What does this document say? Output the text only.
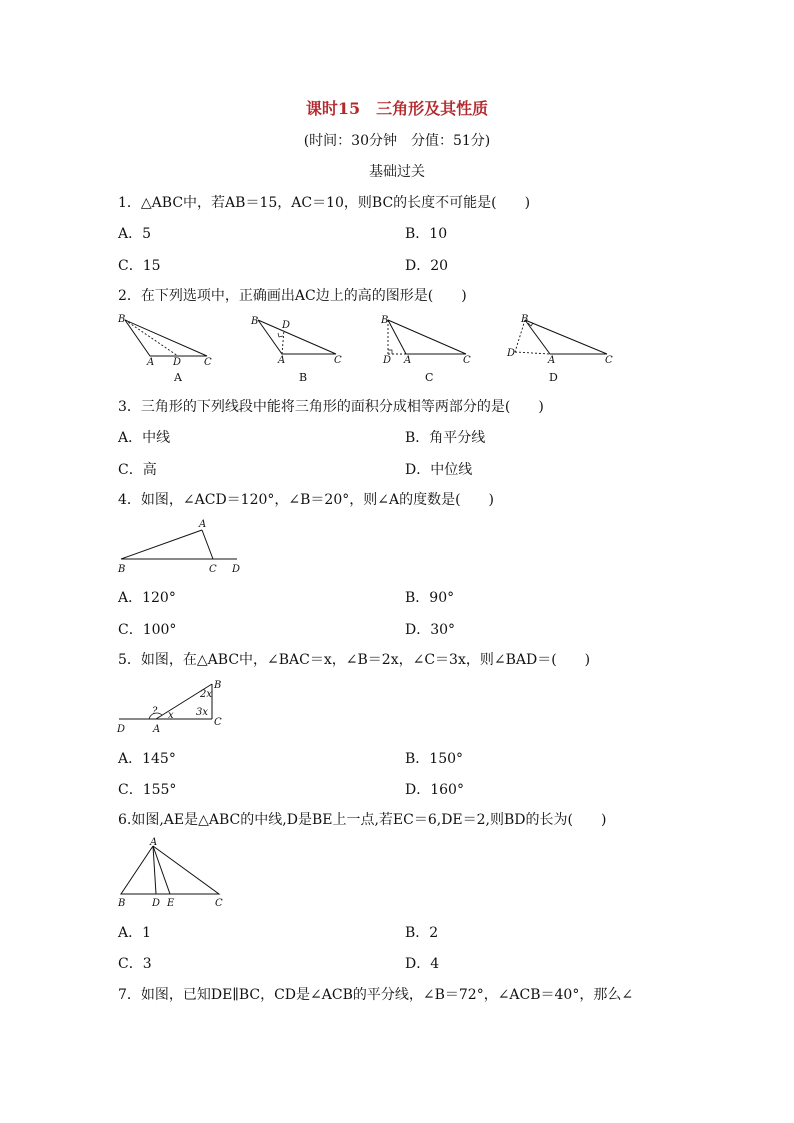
课时15　三角形及其性质
(时间：30分钟　分值：51分)
基础过关
1．△ABC中，若AB＝15，AC＝10，则BC的长度不可能是(　　)
A．5	B．10
C．15	D．20
2．在下列选项中，正确画出AC边上的高的图形是(　　)
B
A D C
A
B
A
D
C
B
B
A
D	C
C
B
A
D
C
D
3．三角形的下列线段中能将三角形的面积分成相等两部分的是(　　)
A．中线	B．角平分线
C．高	D．中位线
4．如图，∠ACD＝120°，∠B＝20°，则∠A的度数是(　　)
A
B	C D
A．120°	B．90°
C．100°	D．30°
5．如图，在△ABC中，∠BAC＝x，∠B＝2x，∠C＝3x，则∠BAD＝(　　)
B
2x
? x 3x
D	A
C
A．145°	B．150°
C．155°	D．160°
6.如图,AE是△ABC的中线,D是BE上一点,若EC＝6,DE＝2,则BD的长为(　　)
A
B	D E	C
A．1	B．2
C．3	D．4
7．如图，已知DE∥BC，CD是∠ACB的平分线，∠B＝72°，∠ACB＝40°，那么∠
